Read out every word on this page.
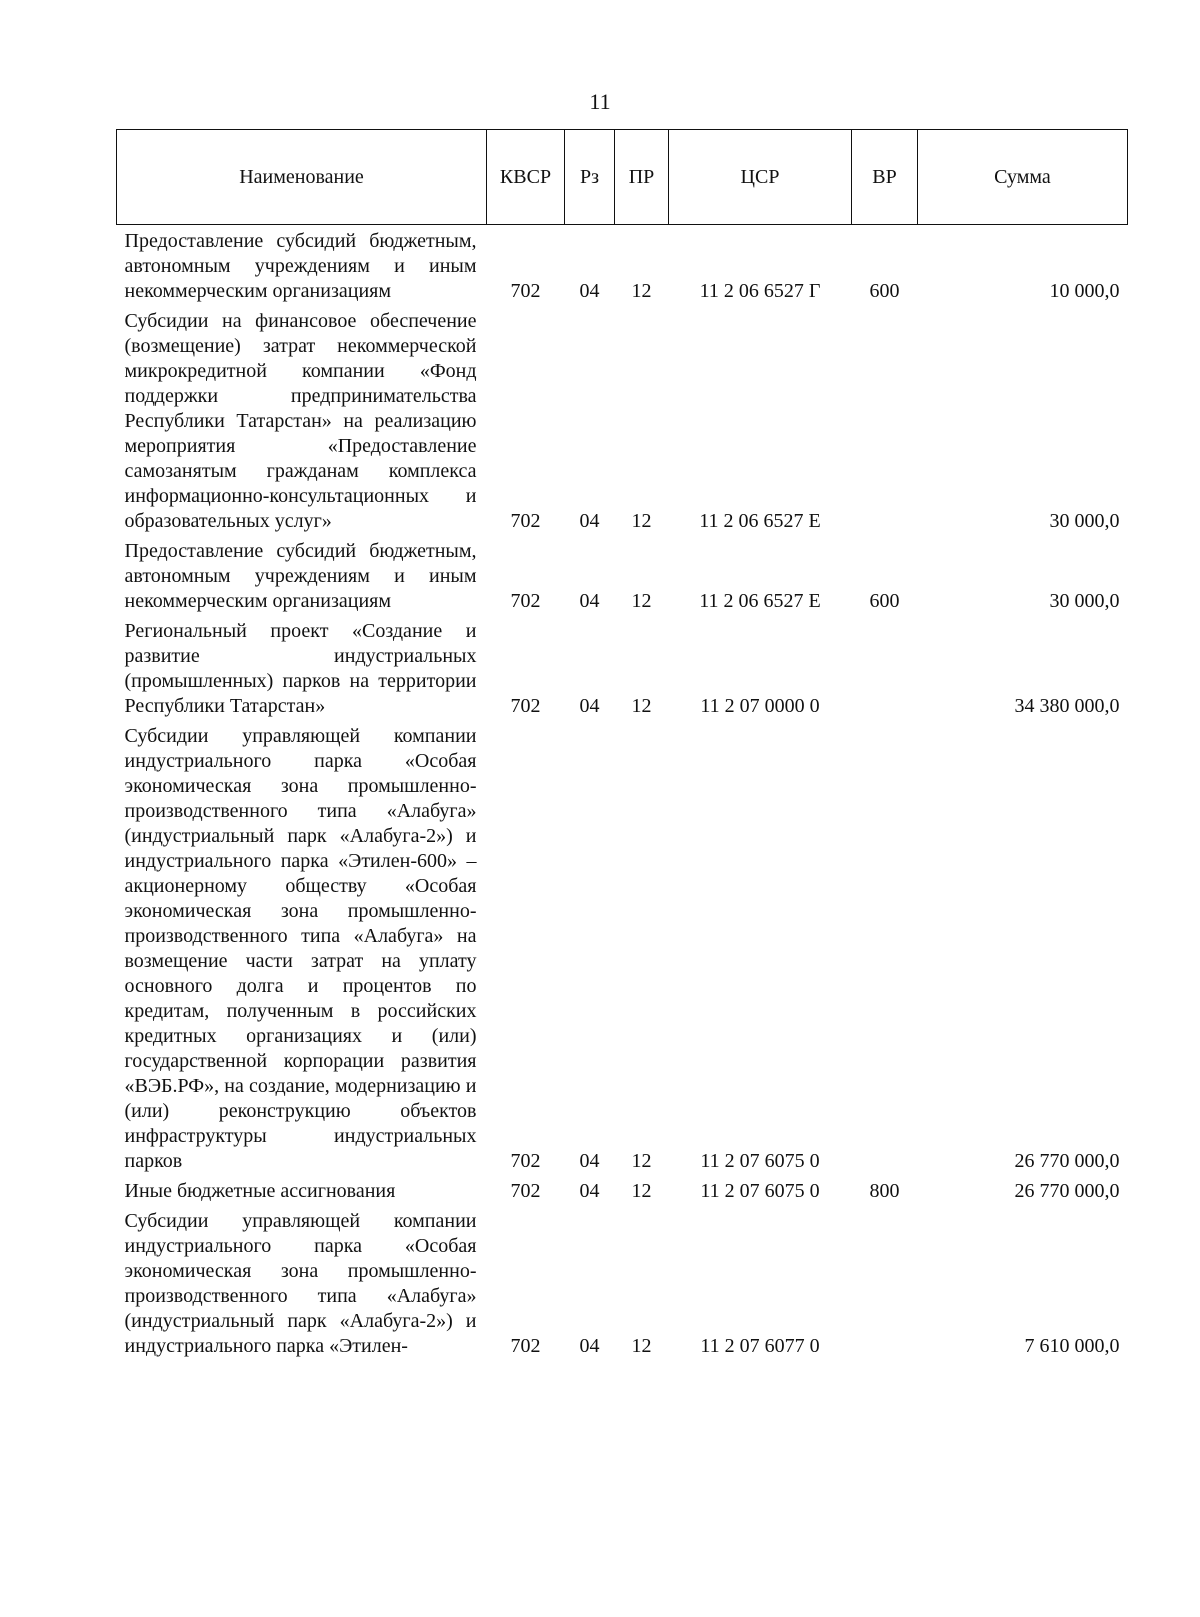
11
Наименование	КВСР	Рз	ПР	ЦСР	ВР	Сумма
Предоставление субсидий бюджетным, автономным учреждениям и иным некоммерческим организациям	702	04	12	11 2 06 6527 Г	600	10 000,0
Субсидии на финансовое обеспечение (возмещение) затрат некоммерческой микрокредитной компании «Фонд поддержки предпринимательства Республики Татарстан» на реализацию мероприятия «Предоставление самозанятым гражданам комплекса информационно-консультационных и образовательных услуг»	702	04	12	11 2 06 6527 Е		30 000,0
Предоставление субсидий бюджетным, автономным учреждениям и иным некоммерческим организациям	702	04	12	11 2 06 6527 Е	600	30 000,0
Региональный проект «Создание и развитие индустриальных (промышленных) парков на территории Республики Татарстан»	702	04	12	11 2 07 0000 0		34 380 000,0
Субсидии управляющей компании индустриального парка «Особая экономическая зона промышленно-производственного типа «Алабуга» (индустриальный парк «Алабуга-2») и индустриального парка «Этилен-600» – акционерному обществу «Особая экономическая зона промышленно-производственного типа «Алабуга» на возмещение части затрат на уплату основного долга и процентов по кредитам, полученным в российских кредитных организациях и (или) государственной корпорации развития «ВЭБ.РФ», на создание, модернизацию и (или) реконструкцию объектов инфраструктуры индустриальных парков	702	04	12	11 2 07 6075 0		26 770 000,0
Иные бюджетные ассигнования	702	04	12	11 2 07 6075 0	800	26 770 000,0
Субсидии управляющей компании индустриального парка «Особая экономическая зона промышленно-производственного типа «Алабуга» (индустриальный парк «Алабуга-2») и индустриального парка «Этилен-	702	04	12	11 2 07 6077 0		7 610 000,0
